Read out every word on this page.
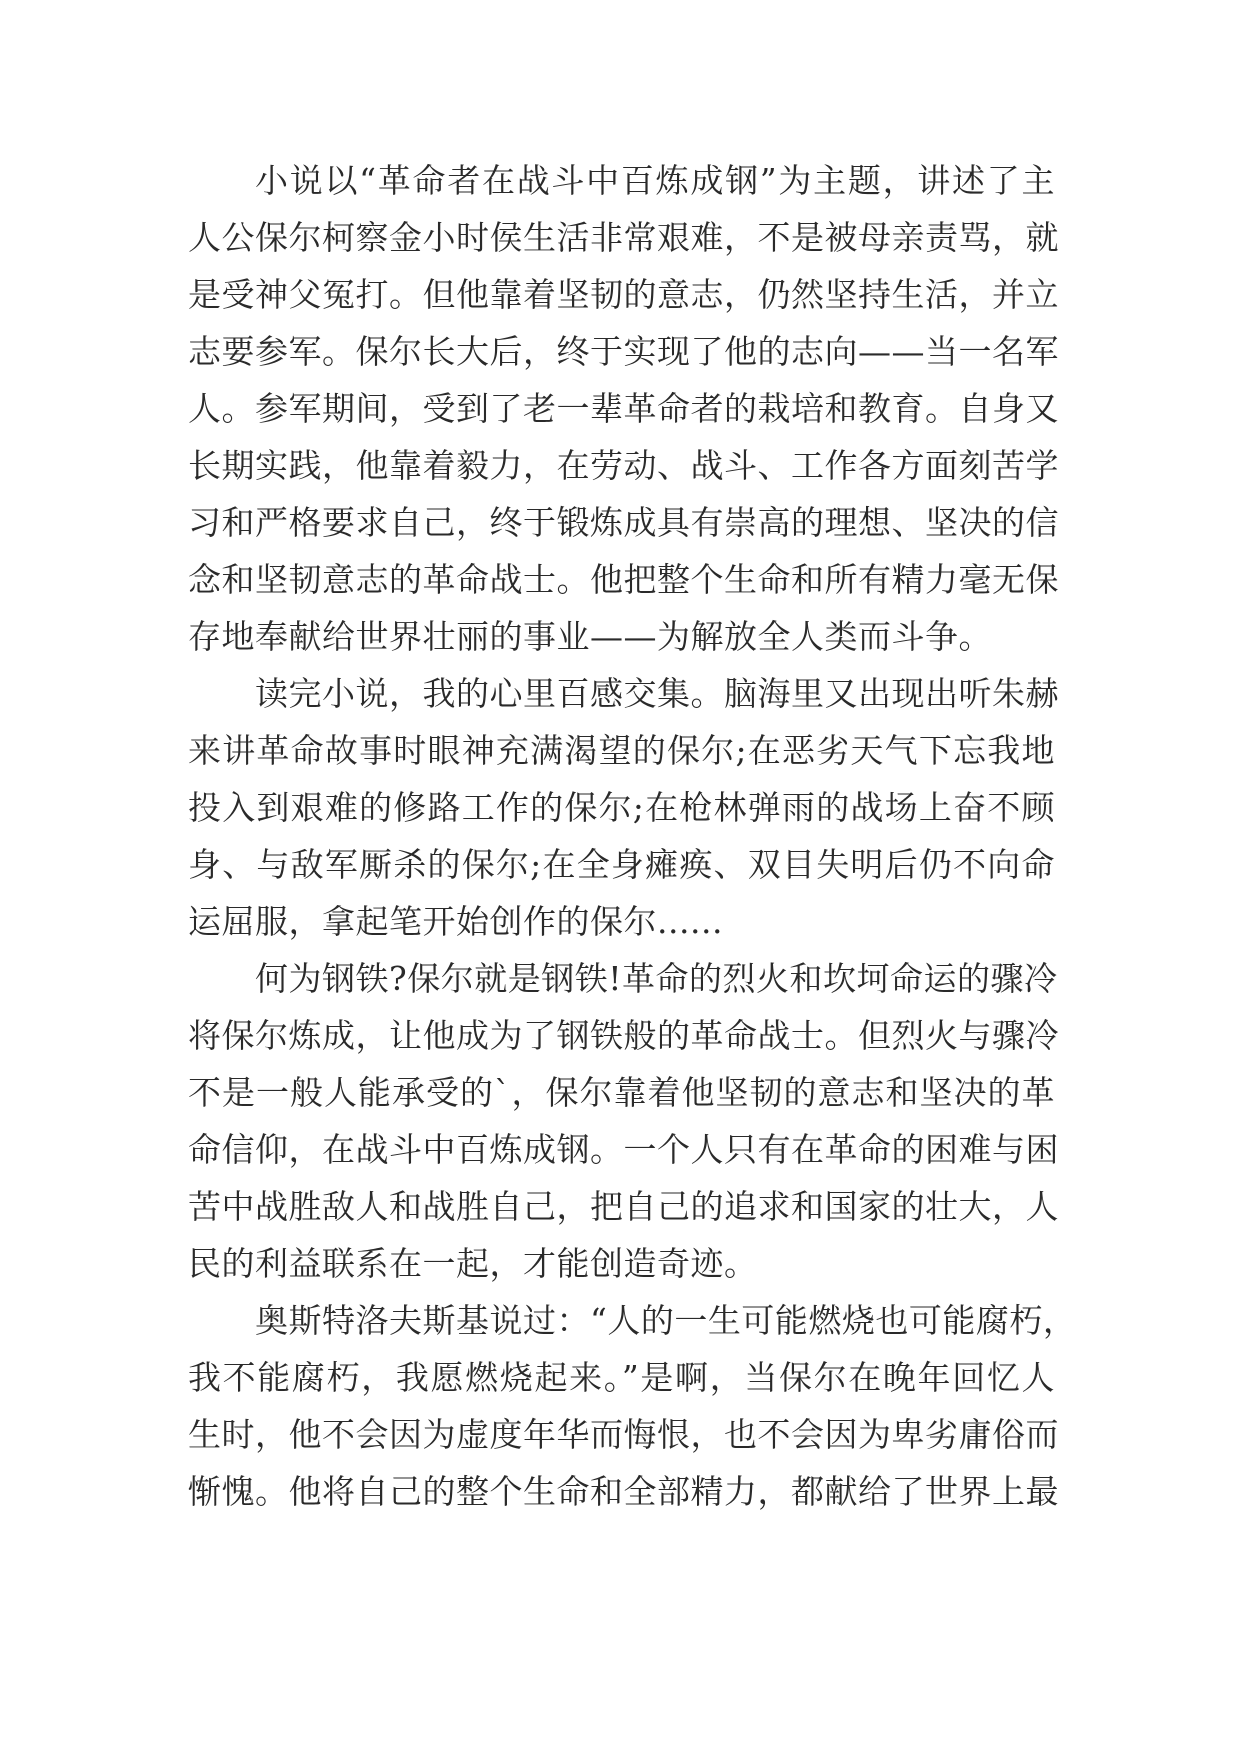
小说以“革命者在战斗中百炼成钢”为主题，讲述了主
人公保尔柯察金小时侯生活非常艰难，不是被母亲责骂，就
是受神父冤打。但他靠着坚韧的意志，仍然坚持生活，并立
志要参军。保尔长大后，终于实现了他的志向——当一名军
人。参军期间，受到了老一辈革命者的栽培和教育。自身又
长期实践，他靠着毅力，在劳动、战斗、工作各方面刻苦学
习和严格要求自己，终于锻炼成具有崇高的理想、坚决的信
念和坚韧意志的革命战士。他把整个生命和所有精力毫无保
存地奉献给世界壮丽的事业——为解放全人类而斗争。
读完小说，我的心里百感交集。脑海里又出现出听朱赫
来讲革命故事时眼神充满渴望的保尔;在恶劣天气下忘我地
投入到艰难的修路工作的保尔;在枪林弹雨的战场上奋不顾
身、与敌军厮杀的保尔;在全身瘫痪、双目失明后仍不向命
运屈服，拿起笔开始创作的保尔......
何为钢铁?保尔就是钢铁!革命的烈火和坎坷命运的骤冷
将保尔炼成，让他成为了钢铁般的革命战士。但烈火与骤冷
不是一般人能承受的`，保尔靠着他坚韧的意志和坚决的革
命信仰，在战斗中百炼成钢。一个人只有在革命的困难与困
苦中战胜敌人和战胜自己，把自己的追求和国家的壮大，人
民的利益联系在一起，才能创造奇迹。
奥斯特洛夫斯基说过：“人的一生可能燃烧也可能腐朽，
我不能腐朽，我愿燃烧起来。”是啊，当保尔在晚年回忆人
生时，他不会因为虚度年华而悔恨，也不会因为卑劣庸俗而
惭愧。他将自己的整个生命和全部精力，都献给了世界上最
